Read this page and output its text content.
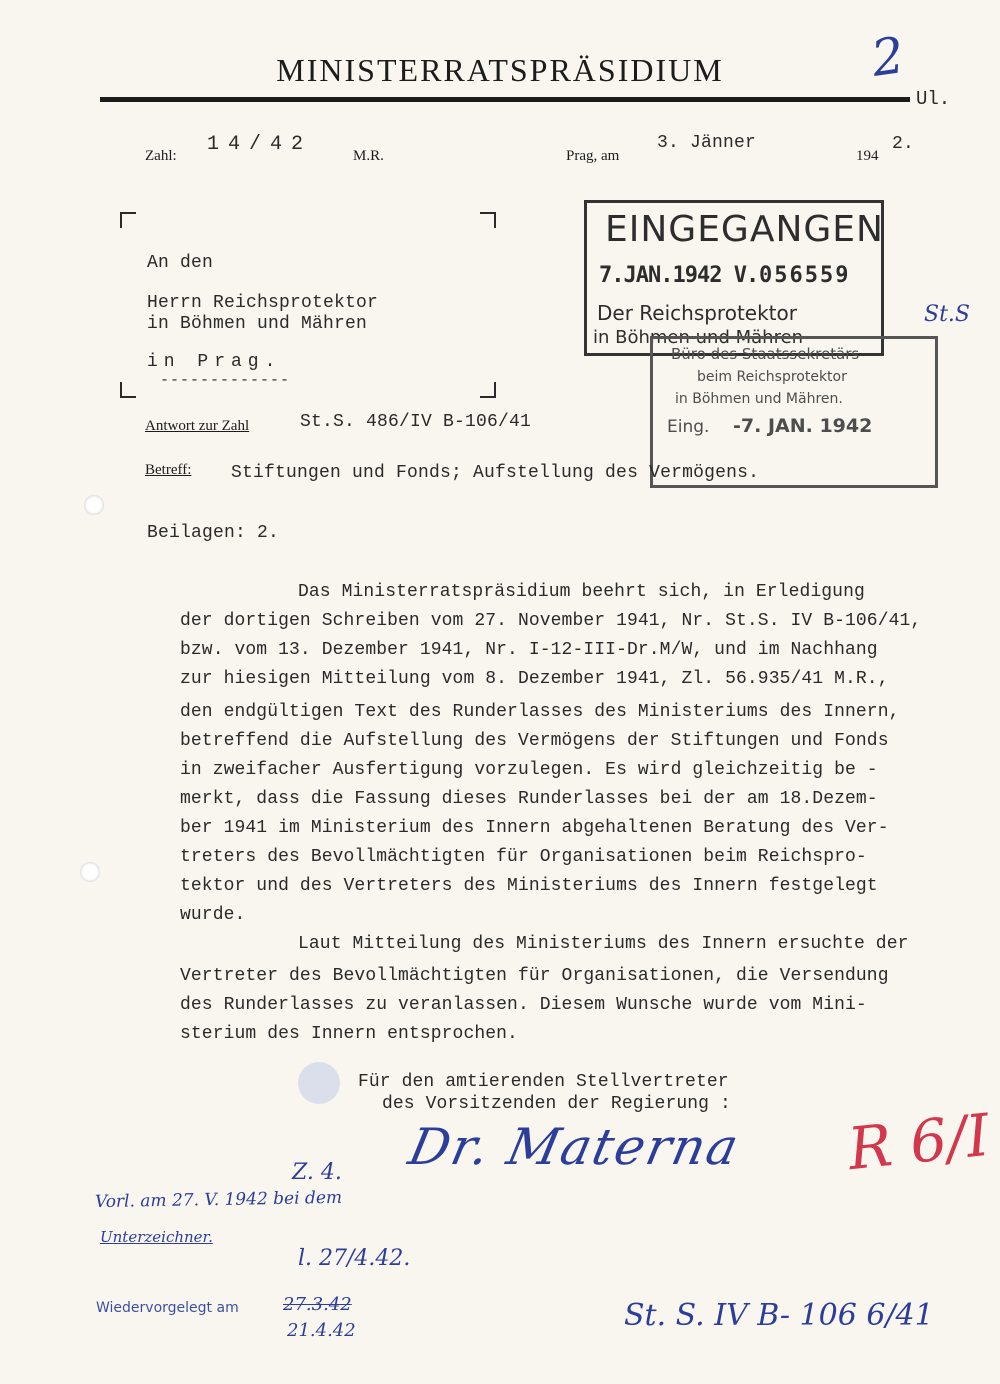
MINISTERRATSPRÄSIDIUM
Ul.
2
Zahl: 14/42	M.R.	Prag, am
3. Jänner
194
2.
An den
Herrn Reichsprotektor
in Böhmen und Mähren
in Prag.
-------------
EINGEGANGEN
7.JAN.1942 V. 056559
Der Reichsprotektor
in Böhmen und Mähren
Büro des Staatssekretärs
beim Reichsprotektor
in Böhmen und Mähren.
Eing. -7. JAN. 1942
St.S
Antwort zur Zahl	St.S. 486/IV B-106/41
Betreff: Stiftungen und Fonds; Aufstellung des Vermögens.
Beilagen: 2.
Das Ministerratspräsidium beehrt sich, in Erledigung
der dortigen Schreiben vom 27. November 1941, Nr. St.S. IV B-106/41,
bzw. vom 13. Dezember 1941, Nr. I-12-III-Dr.M/W, und im Nachhang
zur hiesigen Mitteilung vom 8. Dezember 1941, Zl. 56.935/41 M.R.,
den endgültigen Text des Runderlasses des Ministeriums des Innern,
betreffend die Aufstellung des Vermögens der Stiftungen und Fonds
in zweifacher Ausfertigung vorzulegen. Es wird gleichzeitig be -
merkt, dass die Fassung dieses Runderlasses bei der am 18.Dezem-
ber 1941 im Ministerium des Innern abgehaltenen Beratung des Ver-
treters des Bevollmächtigten für Organisationen beim Reichspro-
tektor und des Vertreters des Ministeriums des Innern festgelegt
wurde.
Laut Mitteilung des Ministeriums des Innern ersuchte der
Vertreter des Bevollmächtigten für Organisationen, die Versendung
des Runderlasses zu veranlassen. Diesem Wunsche wurde vom Mini-
sterium des Innern entsprochen.
Für den amtierenden Stellvertreter
des Vorsitzenden der Regierung :
Dr. Materna
Z. 4.
Vorl. am 27. V. 1942 bei dem
Unterzeichner.
l. 27/4.42.
Wiedervorgelegt am 27.3.42
21.4.42
R 6/I
St. S. IV B- 106 6/41
